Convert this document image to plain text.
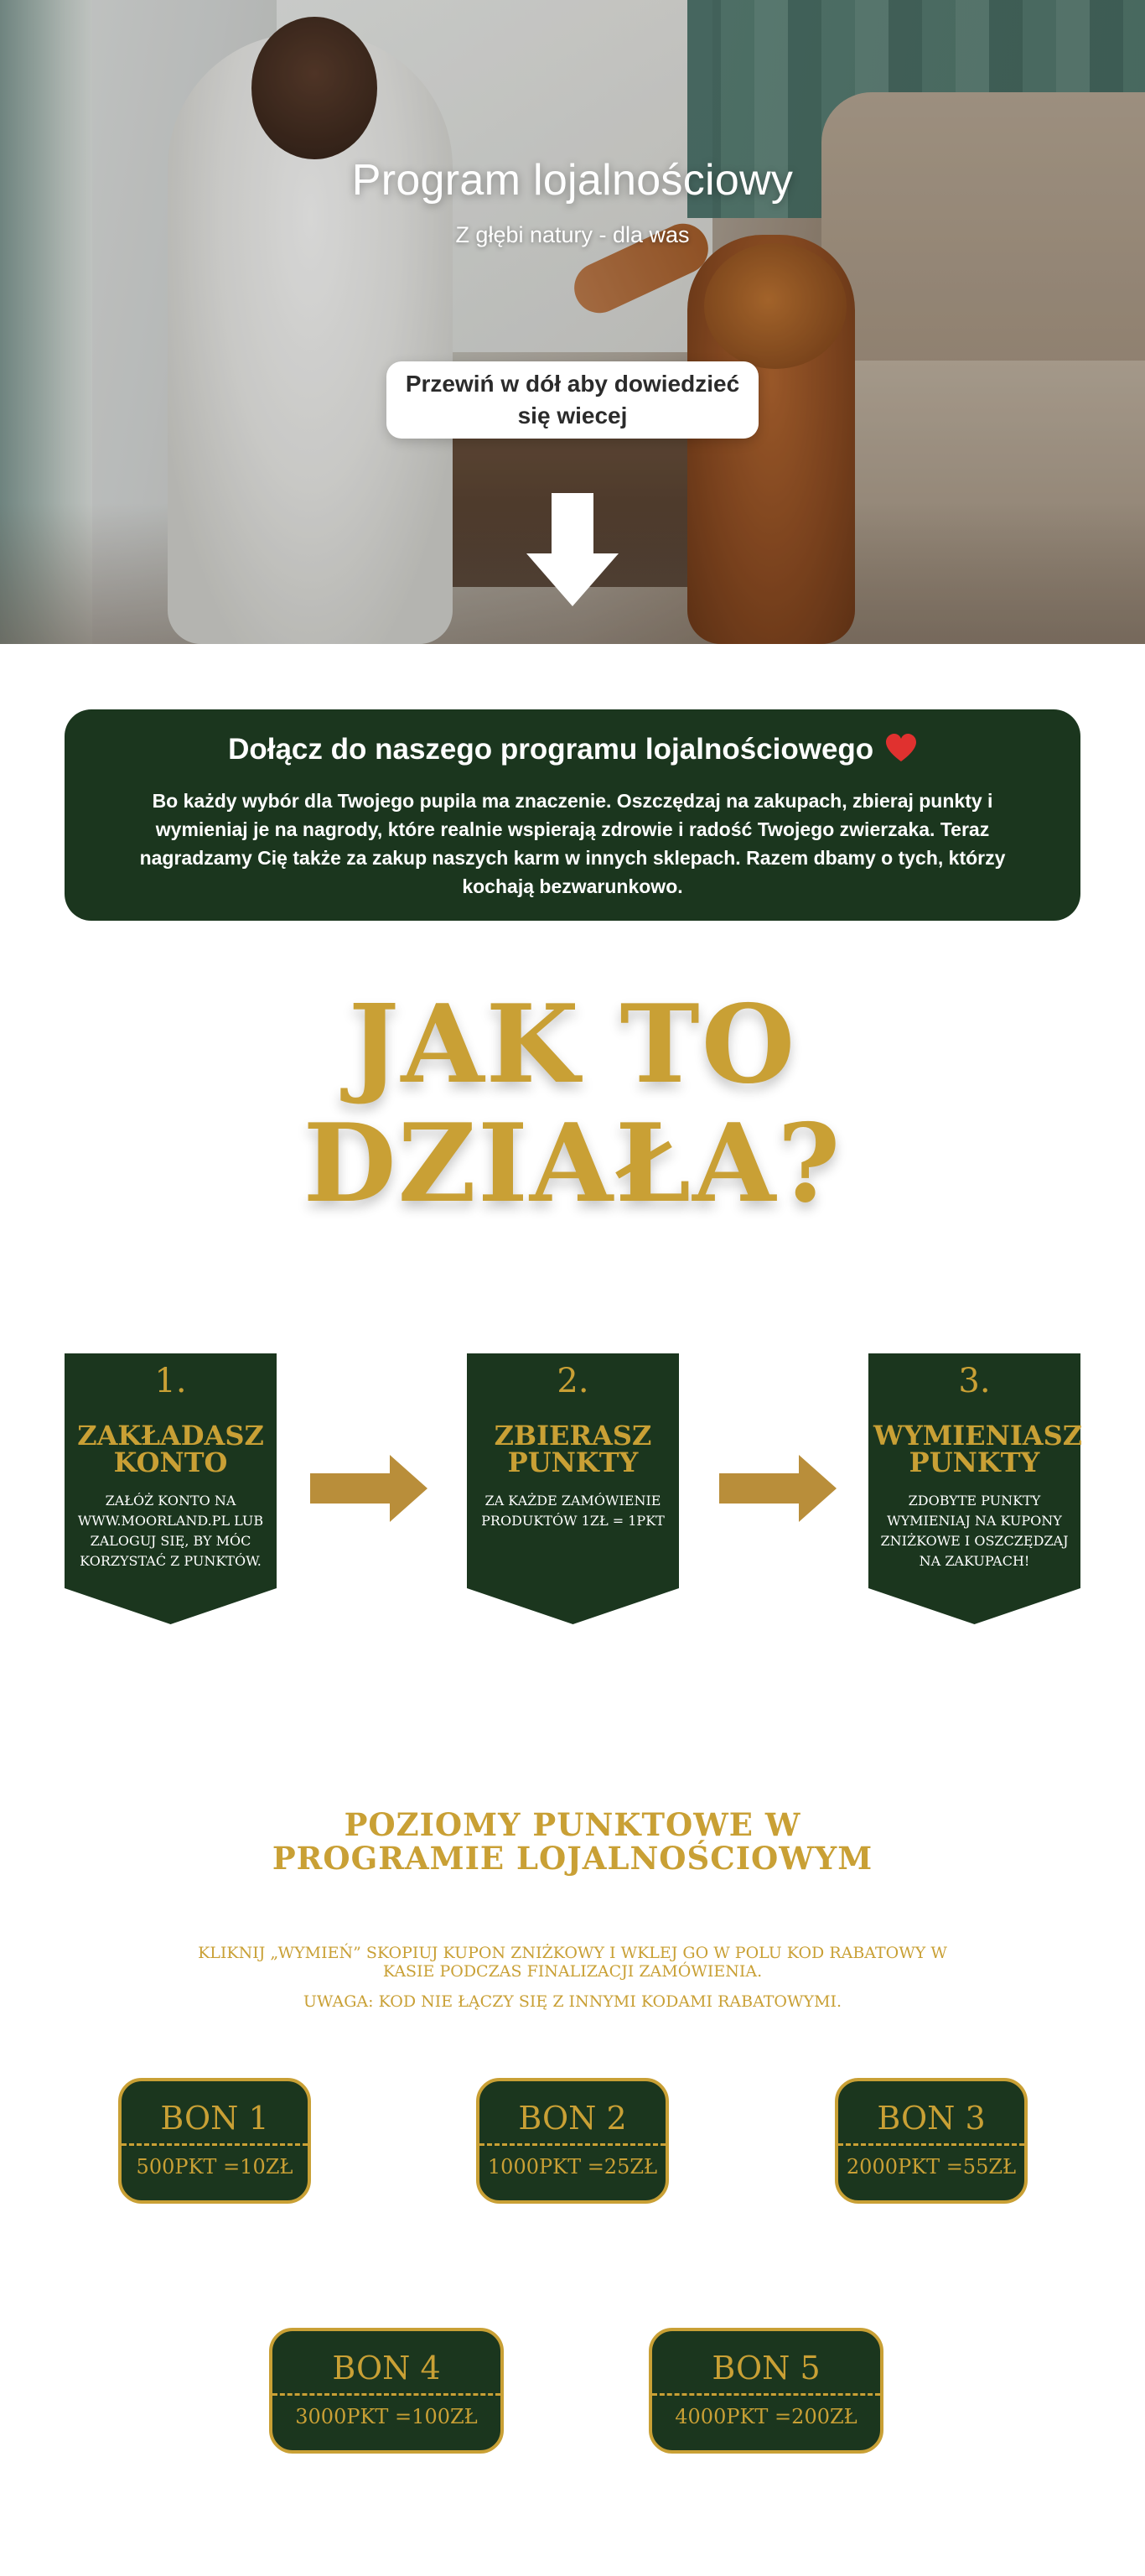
Program lojalnościowy
Z głębi natury - dla was
Przewiń w dół aby dowiedzieć się wiecej
Dołącz do naszego programu lojalnościowego
Bo każdy wybór dla Twojego pupila ma znaczenie. Oszczędzaj na zakupach, zbieraj punkty i wymieniaj je na nagrody, które realnie wspierają zdrowie i radość Twojego zwierzaka. Teraz nagradzamy Cię także za zakup naszych karm w innych sklepach. Razem dbamy o tych, którzy kochają bezwarunkowo.
JAK TO
DZIAŁA?
1.
ZAKŁADASZ KONTO
ZAŁÓŻ KONTO NA WWW.MOORLAND.PL LUB ZALOGUJ SIĘ, BY MÓC KORZYSTAĆ Z PUNKTÓW.
2.
ZBIERASZ PUNKTY
ZA KAŻDE ZAMÓWIENIE PRODUKTÓW 1ZŁ = 1PKT
3.
WYMIENIASZ PUNKTY
ZDOBYTE PUNKTY WYMIENIAJ NA KUPONY ZNIŻKOWE I OSZCZĘDZAJ NA ZAKUPACH!
POZIOMY PUNKTOWE W PROGRAMIE LOJALNOŚCIOWYM
KLIKNIJ „WYMIEŃ” SKOPIUJ KUPON ZNIŻKOWY I WKLEJ GO W POLU KOD RABATOWY W KASIE PODCZAS FINALIZACJI ZAMÓWIENIA.
UWAGA: KOD NIE ŁĄCZY SIĘ Z INNYMI KODAMI RABATOWYMI.
BON 1
500PKT =10ZŁ
BON 2
1000PKT =25ZŁ
BON 3
2000PKT =55ZŁ
BON 4
3000PKT =100ZŁ
BON 5
4000PKT =200ZŁ
